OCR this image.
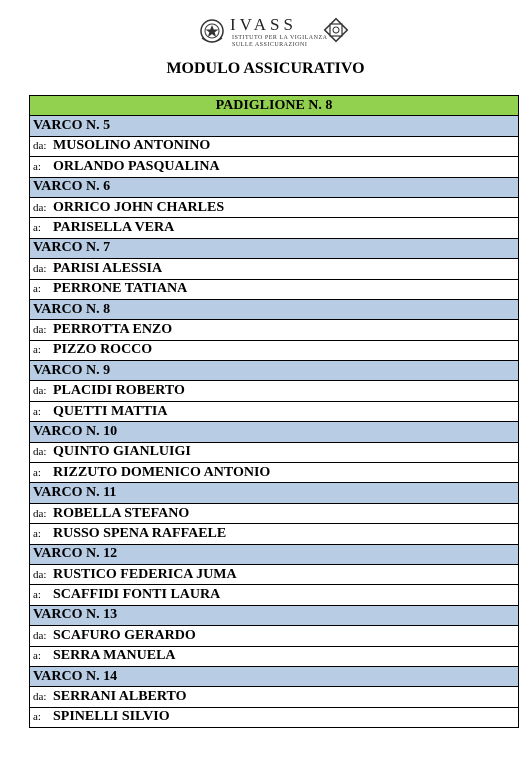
IVASS
ISTITUTO PER LA VIGILANZA
SULLE ASSICURAZIONI
MODULO ASSICURATIVO
PADIGLIONE N. 8
VARCO N. 5
da: MUSOLINO ANTONINO
a: ORLANDO PASQUALINA
VARCO N. 6
da: ORRICO JOHN CHARLES
a: PARISELLA VERA
VARCO N. 7
da: PARISI ALESSIA
a: PERRONE TATIANA
VARCO N. 8
da: PERROTTA ENZO
a: PIZZO ROCCO
VARCO N. 9
da: PLACIDI ROBERTO
a: QUETTI MATTIA
VARCO N. 10
da: QUINTO GIANLUIGI
a: RIZZUTO DOMENICO ANTONIO
VARCO N. 11
da: ROBELLA STEFANO
a: RUSSO SPENA RAFFAELE
VARCO N. 12
da: RUSTICO FEDERICA JUMA
a: SCAFFIDI FONTI LAURA
VARCO N. 13
da: SCAFURO GERARDO
a: SERRA MANUELA
VARCO N. 14
da: SERRANI ALBERTO
a: SPINELLI SILVIO
